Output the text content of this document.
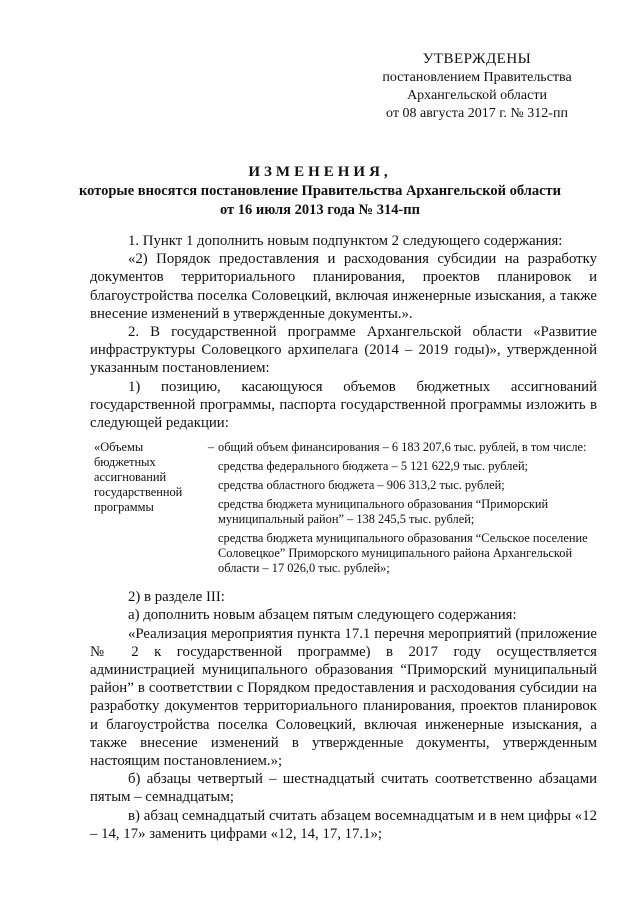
УТВЕРЖДЕНЫ
постановлением Правительства
Архангельской области
от 08 августа 2017 г. № 312-пп
ИЗМЕНЕНИЯ,
которые вносятся постановление Правительства Архангельской области
от 16 июля 2013 года № 314-пп

1. Пункт 1 дополнить новым подпунктом 2 следующего содержания:

«2) Порядок предоставления и расходования субсидии на разработку документов территориального планирования, проектов планировок и благоустройства поселка Соловецкий, включая инженерные изыскания, а также внесение изменений в утвержденные документы.».

2. В государственной программе Архангельской области «Развитие инфраструктуры Соловецкого архипелага (2014 – 2019 годы)», утвержденной указанным постановлением:

1) позицию, касающуюся объемов бюджетных ассигнований государственной программы, паспорта государственной программы изложить в следующей редакции:

«Объемы бюджетных ассигнований государственной программы
– общий объем финансирования – 6 183 207,6 тыс. рублей, в том числе:
средства федерального бюджета – 5 121 622,9 тыс. рублей;
средства областного бюджета – 906 313,2 тыс. рублей;
средства бюджета муниципального образования “Приморский муниципальный район” – 138 245,5 тыс. рублей;
средства бюджета муниципального образования “Сельское поселение Соловецкое” Приморского муниципального района Архангельской области – 17 026,0 тыс. рублей»;

2) в разделе III:

а) дополнить новым абзацем пятым следующего содержания:

«Реализация мероприятия пункта 17.1 перечня мероприятий (приложение № 2 к государственной программе) в 2017 году осуществляется администрацией муниципального образования “Приморский муниципальный район” в соответствии с Порядком предоставления и расходования субсидии на разработку документов территориального планирования, проектов планировок и благоустройства поселка Соловецкий, включая инженерные изыскания, а также внесение изменений в утвержденные документы, утвержденным настоящим постановлением.»;

б) абзацы четвертый – шестнадцатый считать соответственно абзацами пятым – семнадцатым;

в) абзац семнадцатый считать абзацем восемнадцатым и в нем цифры «12 – 14, 17» заменить цифрами «12, 14, 17, 17.1»;
